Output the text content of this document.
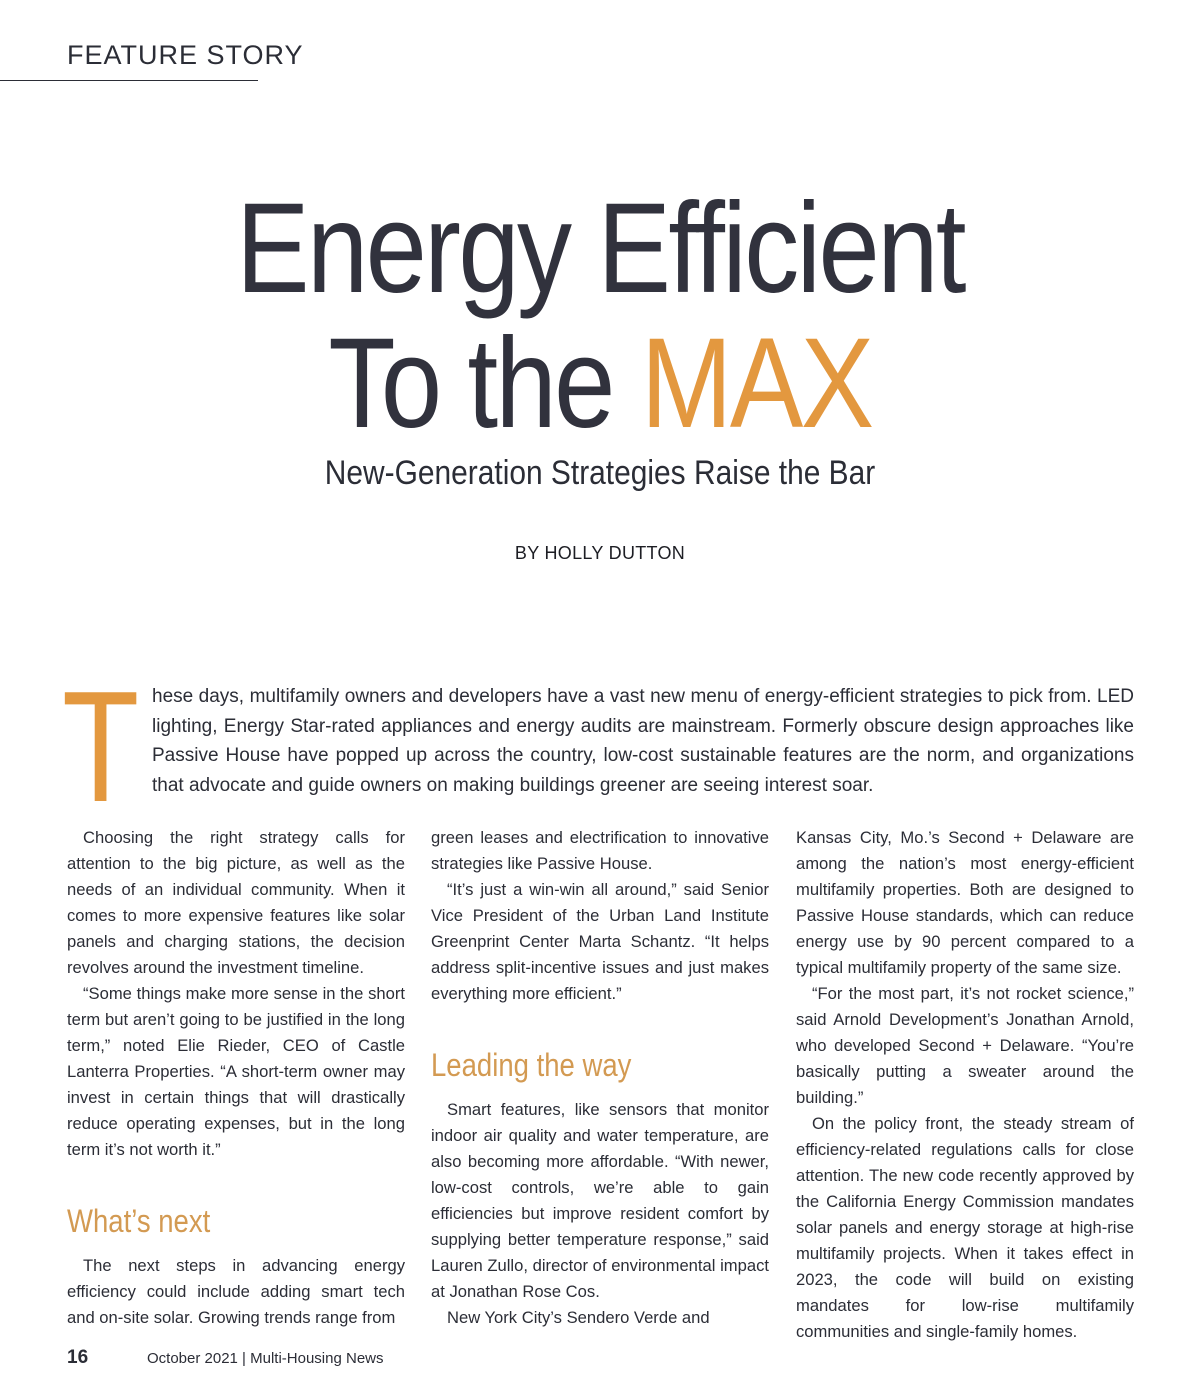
FEATURE STORY
Energy Efficient
To the MAX
New-Generation Strategies Raise the Bar
BY HOLLY DUTTON
T hese days, multifamily owners and developers have a vast new menu of energy-efficient strategies to pick from. LED lighting, Energy Star-rated appliances and energy audits are mainstream. Formerly obscure design approaches like Passive House have popped up across the country, low-cost sustainable features are the norm, and organizations that advocate and guide owners on making buildings greener are seeing interest soar.

Choosing the right strategy calls for attention to the big picture, as well as the needs of an individual community. When it comes to more expensive features like solar panels and charging stations, the decision revolves around the investment timeline.

“Some things make more sense in the short term but aren’t going to be justified in the long term,” noted Elie Rieder, CEO of Castle Lanterra Properties. “A short-term owner may invest in certain things that will drastically reduce operating expenses, but in the long term it’s not worth it.”

What’s next

The next steps in advancing energy efficiency could include adding smart tech and on-site solar. Growing trends range from

green leases and electrification to innovative strategies like Passive House.

“It’s just a win-win all around,” said Senior Vice President of the Urban Land Institute Greenprint Center Marta Schantz. “It helps address split-incentive issues and just makes everything more efficient.”

Leading the way

Smart features, like sensors that monitor indoor air quality and water temperature, are also becoming more affordable. “With newer, low-cost controls, we’re able to gain efficiencies but improve resident comfort by supplying better temperature response,” said Lauren Zullo, director of environmental impact at Jonathan Rose Cos.

New York City’s Sendero Verde and

Kansas City, Mo.’s Second + Delaware are among the nation’s most energy-efficient multifamily properties. Both are designed to Passive House standards, which can reduce energy use by 90 percent compared to a typical multifamily property of the same size.

“For the most part, it’s not rocket science,” said Arnold Development’s Jonathan Arnold, who developed Second + Delaware. “You’re basically putting a sweater around the building.”

On the policy front, the steady stream of efficiency-related regulations calls for close attention. The new code recently approved by the California Energy Commission mandates solar panels and energy storage at high-rise multifamily projects. When it takes effect in 2023, the code will build on existing mandates for low-rise multifamily communities and single-family homes.

16	October 2021 | Multi-Housing News
